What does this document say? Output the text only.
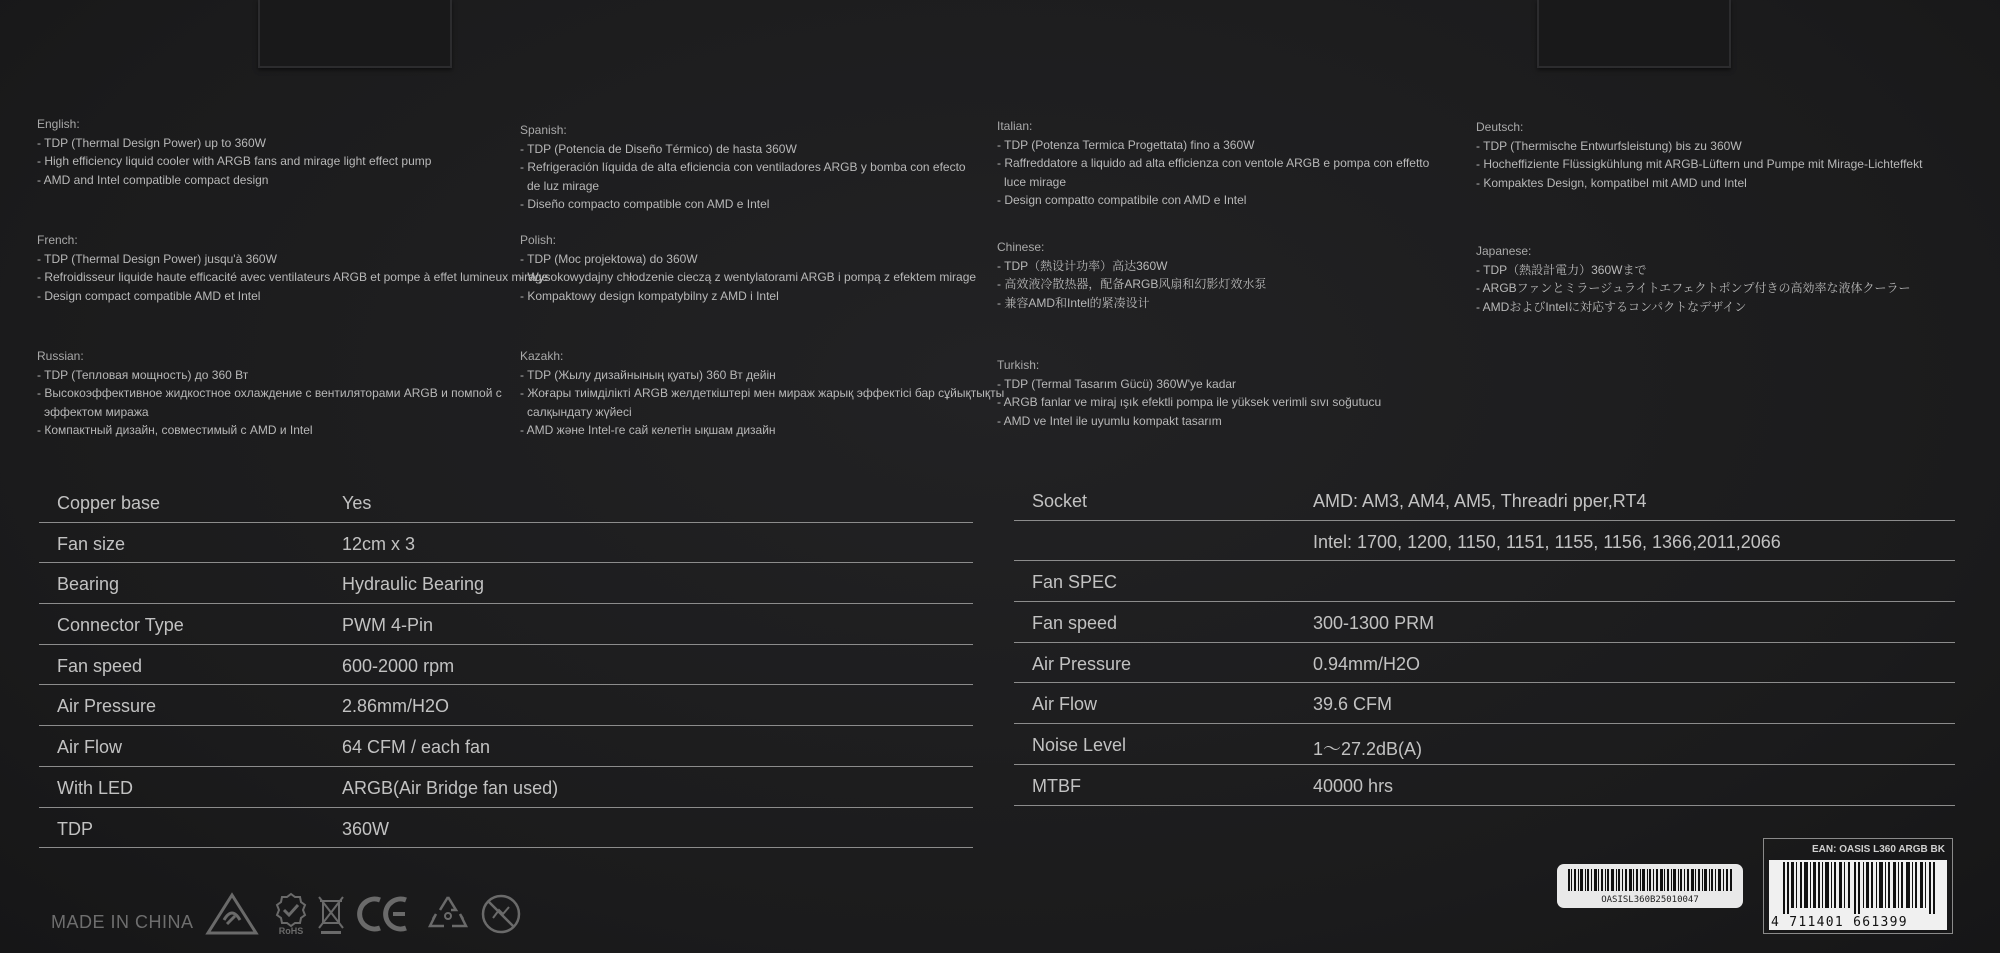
English:
- TDP (Thermal Design Power) up to 360W
- High efficiency liquid cooler with ARGB fans and mirage light effect pump
- AMD and Intel compatible compact design
Spanish:
- TDP (Potencia de Diseño Térmico) de hasta 360W
- Refrigeración líquida de alta eficiencia con ventiladores ARGB y bomba con efecto
de luz mirage
- Diseño compacto compatible con AMD e Intel
Italian:
- TDP (Potenza Termica Progettata) fino a 360W
- Raffreddatore a liquido ad alta efficienza con ventole ARGB e pompa con effetto
luce mirage
- Design compatto compatibile con AMD e Intel
Deutsch:
- TDP (Thermische Entwurfsleistung) bis zu 360W
- Hocheffiziente Flüssigkühlung mit ARGB-Lüftern und Pumpe mit Mirage-Lichteffekt
- Kompaktes Design, kompatibel mit AMD und Intel
French:
- TDP (Thermal Design Power) jusqu'à 360W
- Refroidisseur liquide haute efficacité avec ventilateurs ARGB et pompe à effet lumineux mirage
- Design compact compatible AMD et Intel
Polish:
- TDP (Moc projektowa) do 360W
- Wysokowydajny chłodzenie cieczą z wentylatorami ARGB i pompą z efektem mirage
- Kompaktowy design kompatybilny z AMD i Intel
Chinese:
- TDP（熱设计功率）高达360W
- 高效液冷散热器，配备ARGB风扇和幻影灯效水泵
- 兼容AMD和Intel的紧凑设计
Japanese:
- TDP（熱設計電力）360Wまで
- ARGBファンとミラージュライトエフェクトポンプ付きの高効率な液体クーラー
- AMDおよびIntelに対応するコンパクトなデザイン
Russian:
- TDP (Тепловая мощность) до 360 Вт
- Высокоэффективное жидкостное охлаждение с вентиляторами ARGB и помпой с
эффектом миража
- Компактный дизайн, совместимый с AMD и Intel
Kazakh:
- TDP (Жылу дизайнының қуаты) 360 Вт дейін
- Жоғары тиімділікті ARGB желдеткіштері мен мираж жарық эффектісі бар сұйықтықты
салқындату жүйесі
- AMD және Intel-ге сай келетін ықшам дизайн
Turkish:
- TDP (Termal Tasarım Gücü) 360W'ye kadar
- ARGB fanlar ve miraj ışık efektli pompa ile yüksek verimli sıvı soğutucu
- AMD ve Intel ile uyumlu kompakt tasarım
Copper base	Yes
Fan size	12cm x 3
Bearing	Hydraulic Bearing
Connector Type	PWM 4-Pin
Fan speed	600-2000 rpm
Air Pressure	2.86mm/H2O
Air Flow	64 CFM / each fan
With LED	ARGB(Air Bridge fan used)
TDP	360W
Socket	AMD: AM3, AM4, AM5, Threadri pper,RT4
Intel: 1700, 1200, 1150, 1151, 1155, 1156, 1366,2011,2066
Fan SPEC
Fan speed	300-1300 PRM
Air Pressure	0.94mm/H2O
Air Flow	39.6 CFM
Noise Level	1～27.2dB(A)
MTBF	40000 hrs
MADE IN CHINA	RoHS
OASISL360B25010047
EAN: OASIS L360 ARGB BK
4 711401 661399
